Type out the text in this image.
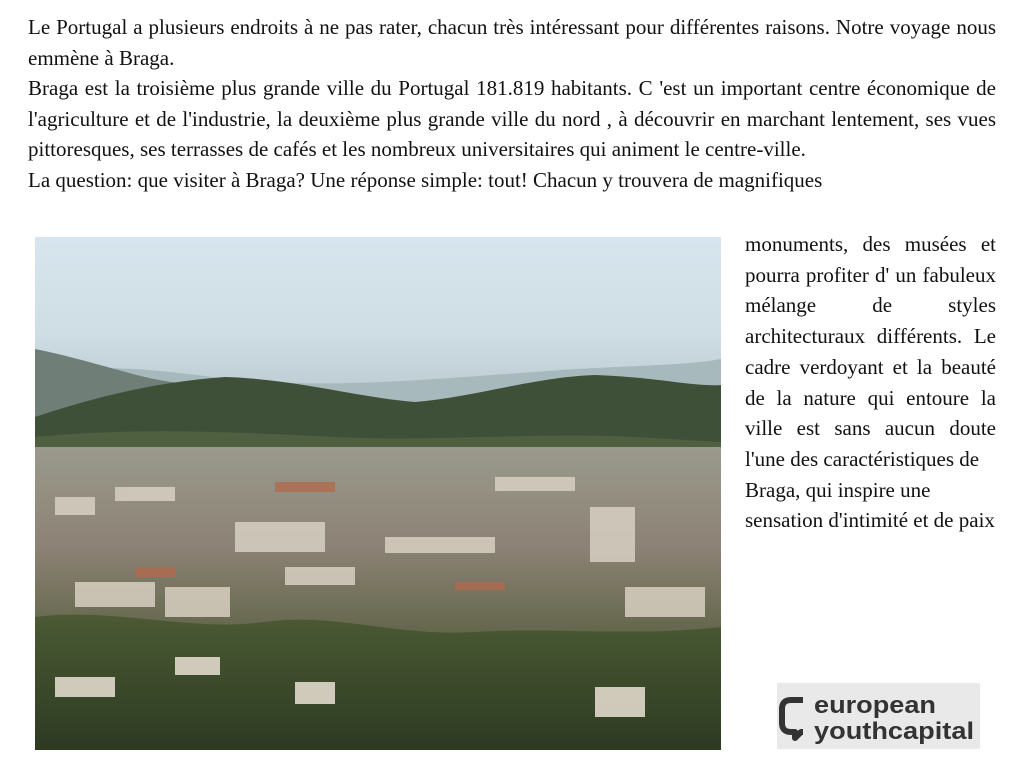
Le Portugal a plusieurs endroits à ne pas rater, chacun très intéressant pour différentes raisons. Notre voyage nous emmène à Braga.

Braga est la troisième plus grande ville du Portugal 181.819 habitants. C 'est un important centre économique de l'agriculture et de l'industrie, la deuxième plus grande ville du nord , à découvrir en marchant lentement, ses vues pittoresques, ses terrasses de cafés et les nombreux universitaires qui animent le centre-ville.

La question: que visiter à Braga? Une réponse simple: tout! Chacun y trouvera de magnifiques

monuments, des musées et pourra profiter d' un fabuleux mélange de styles architecturaux différents. Le cadre verdoyant et la beauté de la nature qui entoure la ville est sans aucun doute l'une des caractéristiques de
Braga, qui inspire une sensation d'intimité et de paix
european
youthcapital
